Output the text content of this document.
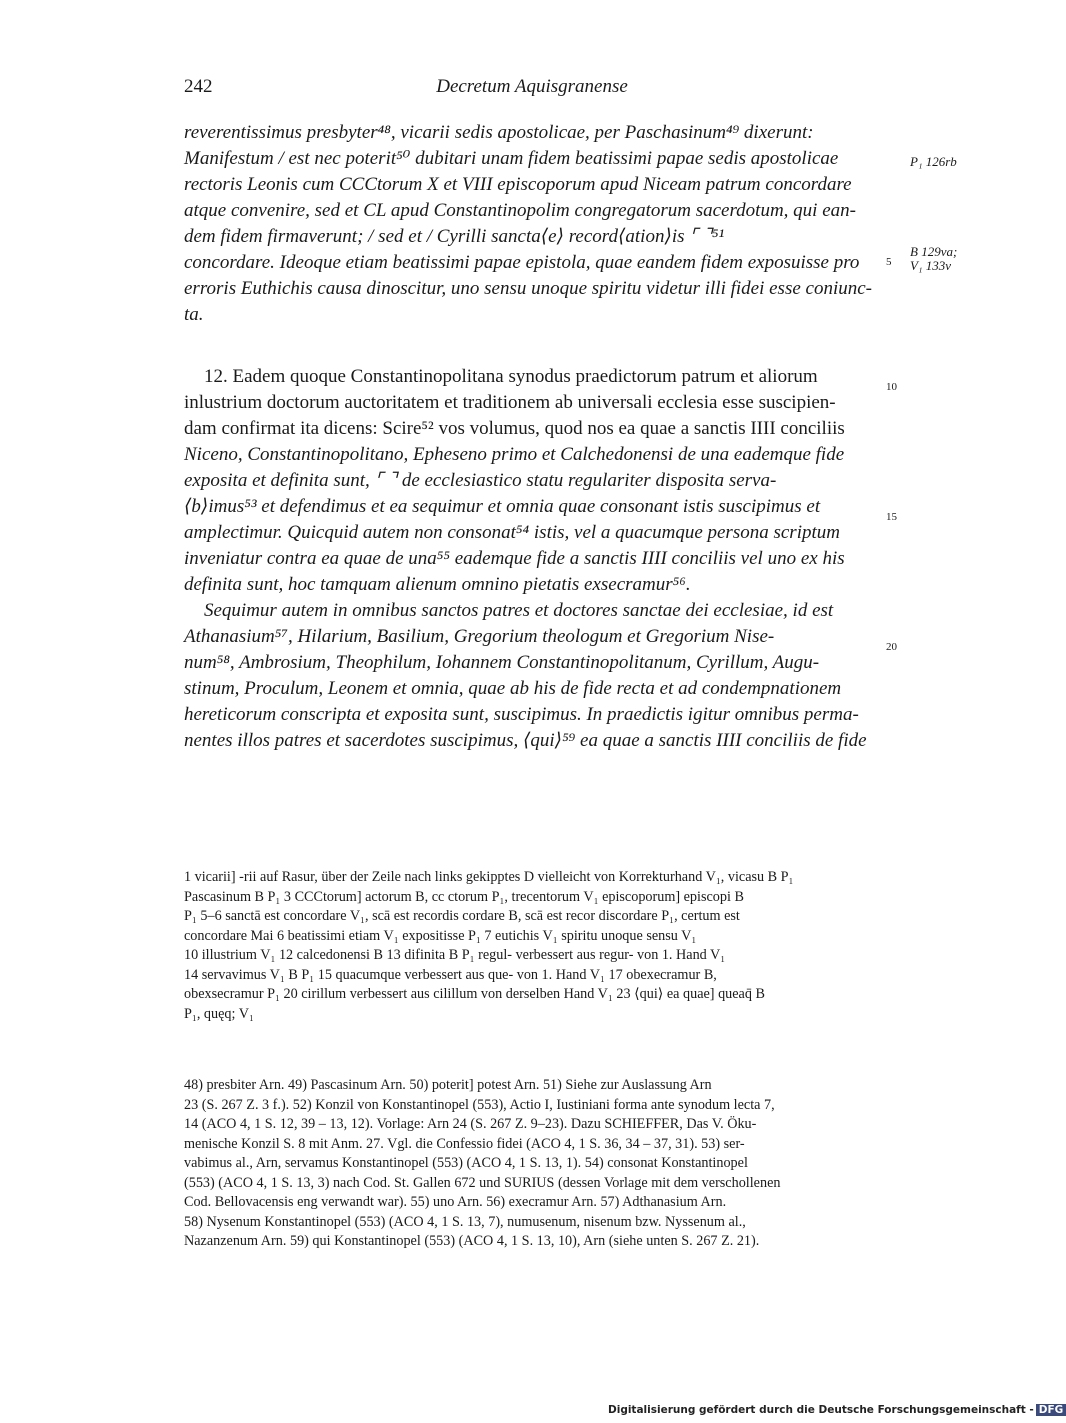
242	Decretum Aquisgranense
reverentissimus presbyter⁴⁸, vicarii sedis apostolicae, per Paschasinum⁴⁹ dixerunt:
Manifestum / est nec poterit⁵⁰ dubitari unam fidem beatissimi papae sedis apostolicae
rectoris Leonis cum CCCtorum X et VIII episcoporum apud Niceam patrum concordare
atque convenire, sed et CL apud Constantinopolim congregatorum sacerdotum, qui ean-
dem fidem firmaverunt; / sed et / Cyrilli sancta⟨e⟩ record⟨ation⟩is ⌜ ⌝⁵¹
concordare. Ideoque etiam beatissimi papae epistola, quae eandem fidem exposuisse pro
erroris Euthichis causa dinoscitur, uno sensu unoque spiritu videtur illi fidei esse coniunc-
ta.
12. Eadem quoque Constantinopolitana synodus praedictorum patrum et aliorum
inlustrium doctorum auctoritatem et traditionem ab universali ecclesia esse suscipien-
dam confirmat ita dicens: Scire⁵² vos volumus, quod nos ea quae a sanctis IIII conciliis
Niceno, Constantinopolitano, Epheseno primo et Calchedonensi de una eademque fide
exposita et definita sunt, ⌜ ⌝ de ecclesiastico statu regulariter disposita serva-
⟨b⟩imus⁵³ et defendimus et ea sequimur et omnia quae consonant istis suscipimus et
amplectimur. Quicquid autem non consonat⁵⁴ istis, vel a quacumque persona scriptum
inveniatur contra ea quae de una⁵⁵ eademque fide a sanctis IIII conciliis vel uno ex his
definita sunt, hoc tamquam alienum omnino pietatis exsecramur⁵⁶.
Sequimur autem in omnibus sanctos patres et doctores sanctae dei ecclesiae, id est
Athanasium⁵⁷, Hilarium, Basilium, Gregorium theologum et Gregorium Nise-
num⁵⁸, Ambrosium, Theophilum, Iohannem Constantinopolitanum, Cyrillum, Augu-
stinum, Proculum, Leonem et omnia, quae ab his de fide recta et ad condempnationem
hereticorum conscripta et exposita sunt, suscipimus. In praedictis igitur omnibus perma-
nentes illos patres et sacerdotes suscipimus, ⟨qui⟩⁵⁹ ea quae a sanctis IIII conciliis de fide
5
10
15
20
P₁ 126rb
B 129va;
V₁ 133v
1 vicarii] -rii auf Rasur, über der Zeile nach links gekipptes D vielleicht von Korrekturhand V₁, vicasu B P₁
Pascasinum B P₁ 3 CCCtorum] actorum B, cc ctorum P₁, trecentorum V₁ episcoporum] episcopi B
P₁ 5–6 sanctā est concordare V₁, scā est recordis cordare B, scā est recor discordare P₁, certum est
concordare Mai 6 beatissimi etiam V₁ expositisse P₁ 7 eutichis V₁ spiritu unoque sensu V₁
10 illustrium V₁ 12 calcedonensi B 13 difinita B P₁ regul- verbessert aus regur- von 1. Hand V₁
14 servavimus V₁ B P₁ 15 quacumque verbessert aus que- von 1. Hand V₁ 17 obexecramur B,
obexsecramur P₁ 20 cirillum verbessert aus cilillum von derselben Hand V₁ 23 ⟨qui⟩ ea quae] queaq̄ B
P₁, quęq; V₁
48) presbiter Arn. 49) Pascasinum Arn. 50) poterit] potest Arn. 51) Siehe zur Auslassung Arn
23 (S. 267 Z. 3 f.). 52) Konzil von Konstantinopel (553), Actio I, Iustiniani forma ante synodum lecta 7,
14 (ACO 4, 1 S. 12, 39 – 13, 12). Vorlage: Arn 24 (S. 267 Z. 9–23). Dazu SCHIEFFER, Das V. Öku-
menische Konzil S. 8 mit Anm. 27. Vgl. die Confessio fidei (ACO 4, 1 S. 36, 34 – 37, 31). 53) ser-
vabimus al., Arn, servamus Konstantinopel (553) (ACO 4, 1 S. 13, 1). 54) consonat Konstantinopel
(553) (ACO 4, 1 S. 13, 3) nach Cod. St. Gallen 672 und SURIUS (dessen Vorlage mit dem verschollenen
Cod. Bellovacensis eng verwandt war). 55) uno Arn. 56) execramur Arn. 57) Adthanasium Arn.
58) Nysenum Konstantinopel (553) (ACO 4, 1 S. 13, 7), numusenum, nisenum bzw. Nyssenum al.,
Nazanzenum Arn. 59) qui Konstantinopel (553) (ACO 4, 1 S. 13, 10), Arn (siehe unten S. 267 Z. 21).
Digitalisierung gefördert durch die Deutsche Forschungsgemeinschaft - DFG
